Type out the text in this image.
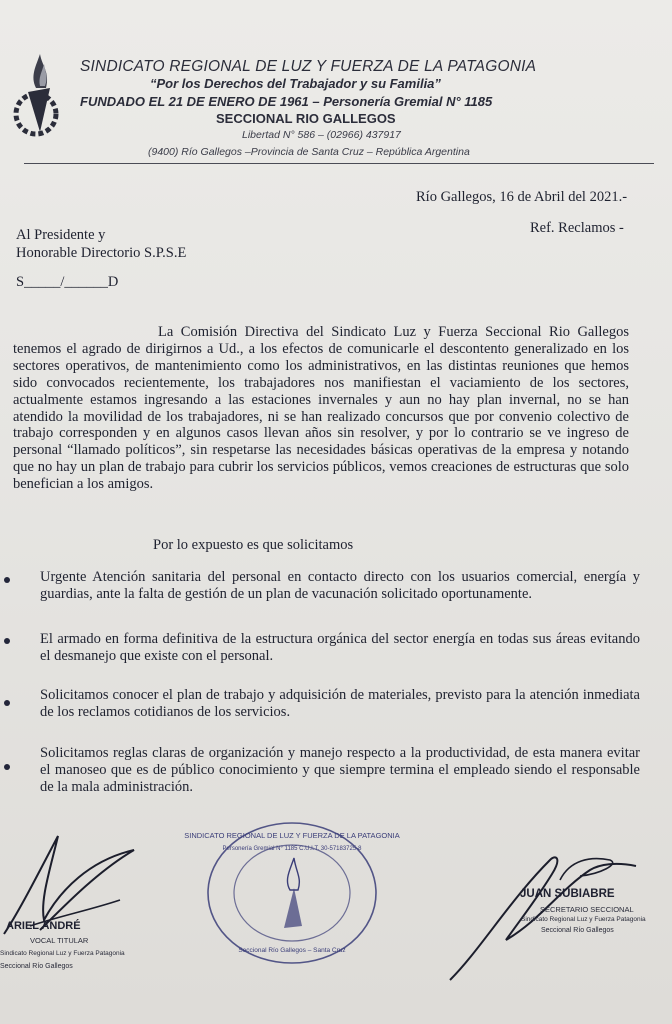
SINDICATO REGIONAL DE LUZ Y FUERZA DE LA PATAGONIA
“Por los Derechos del Trabajador y su Familia”
FUNDADO EL 21 DE ENERO DE 1961 – Personería Gremial N° 1185
SECCIONAL RIO GALLEGOS
Libertad N° 586 – (02966) 437917
(9400) Río Gallegos –Provincia de Santa Cruz – República Argentina
Río Gallegos, 16 de Abril del 2021.-
Ref. Reclamos -
Al Presidente y
Honorable Directorio S.P.S.E
S_____/______D
La Comisión Directiva del Sindicato Luz y Fuerza Seccional Rio Gallegos tenemos el agrado de dirigirnos a Ud., a los efectos de comunicarle el descontento generalizado en los sectores operativos, de mantenimiento como los administrativos, en las distintas reuniones que hemos sido convocados recientemente, los trabajadores nos manifiestan el vaciamiento de los sectores, actualmente estamos ingresando a las estaciones invernales y aun no hay plan invernal, no se han atendido la movilidad de los trabajadores, ni se han realizado concursos que por convenio colectivo de trabajo corresponden y en algunos casos llevan años sin resolver, y por lo contrario se ve ingreso de personal “llamado políticos”, sin respetarse las necesidades básicas operativas de la empresa y notando que no hay un plan de trabajo para cubrir los servicios públicos, vemos creaciones de estructuras que solo benefician a los amigos.
Por lo expuesto es que solicitamos
Urgente Atención sanitaria del personal en contacto directo con los usuarios comercial, energía y guardias, ante la falta de gestión de un plan de vacunación solicitado oportunamente.
El armado en forma definitiva de la estructura orgánica del sector energía en todas sus áreas evitando el desmanejo que existe con el personal.
Solicitamos conocer el plan de trabajo y adquisición de materiales, previsto para la atención inmediata de los reclamos cotidianos de los servicios.
Solicitamos reglas claras de organización y manejo respecto a la productividad, de esta manera evitar el manoseo que es de público conocimiento y que siempre termina el empleado siendo el responsable de la mala administración.
ARIEL ANDRÉ
VOCAL TITULAR
Sindicato Regional Luz y Fuerza Patagonia
Seccional Río Gallegos
SINDICATO REGIONAL DE LUZ Y FUERZA DE LA PATAGONIA
Personería Gremial N° 1185 C.U.I.T. 30-57183725-8
Seccional Río Gallegos – Santa Cruz
JUAN SUBIABRE
SECRETARIO SECCIONAL
Sindicato Regional Luz y Fuerza Patagonia
Seccional Río Gallegos
